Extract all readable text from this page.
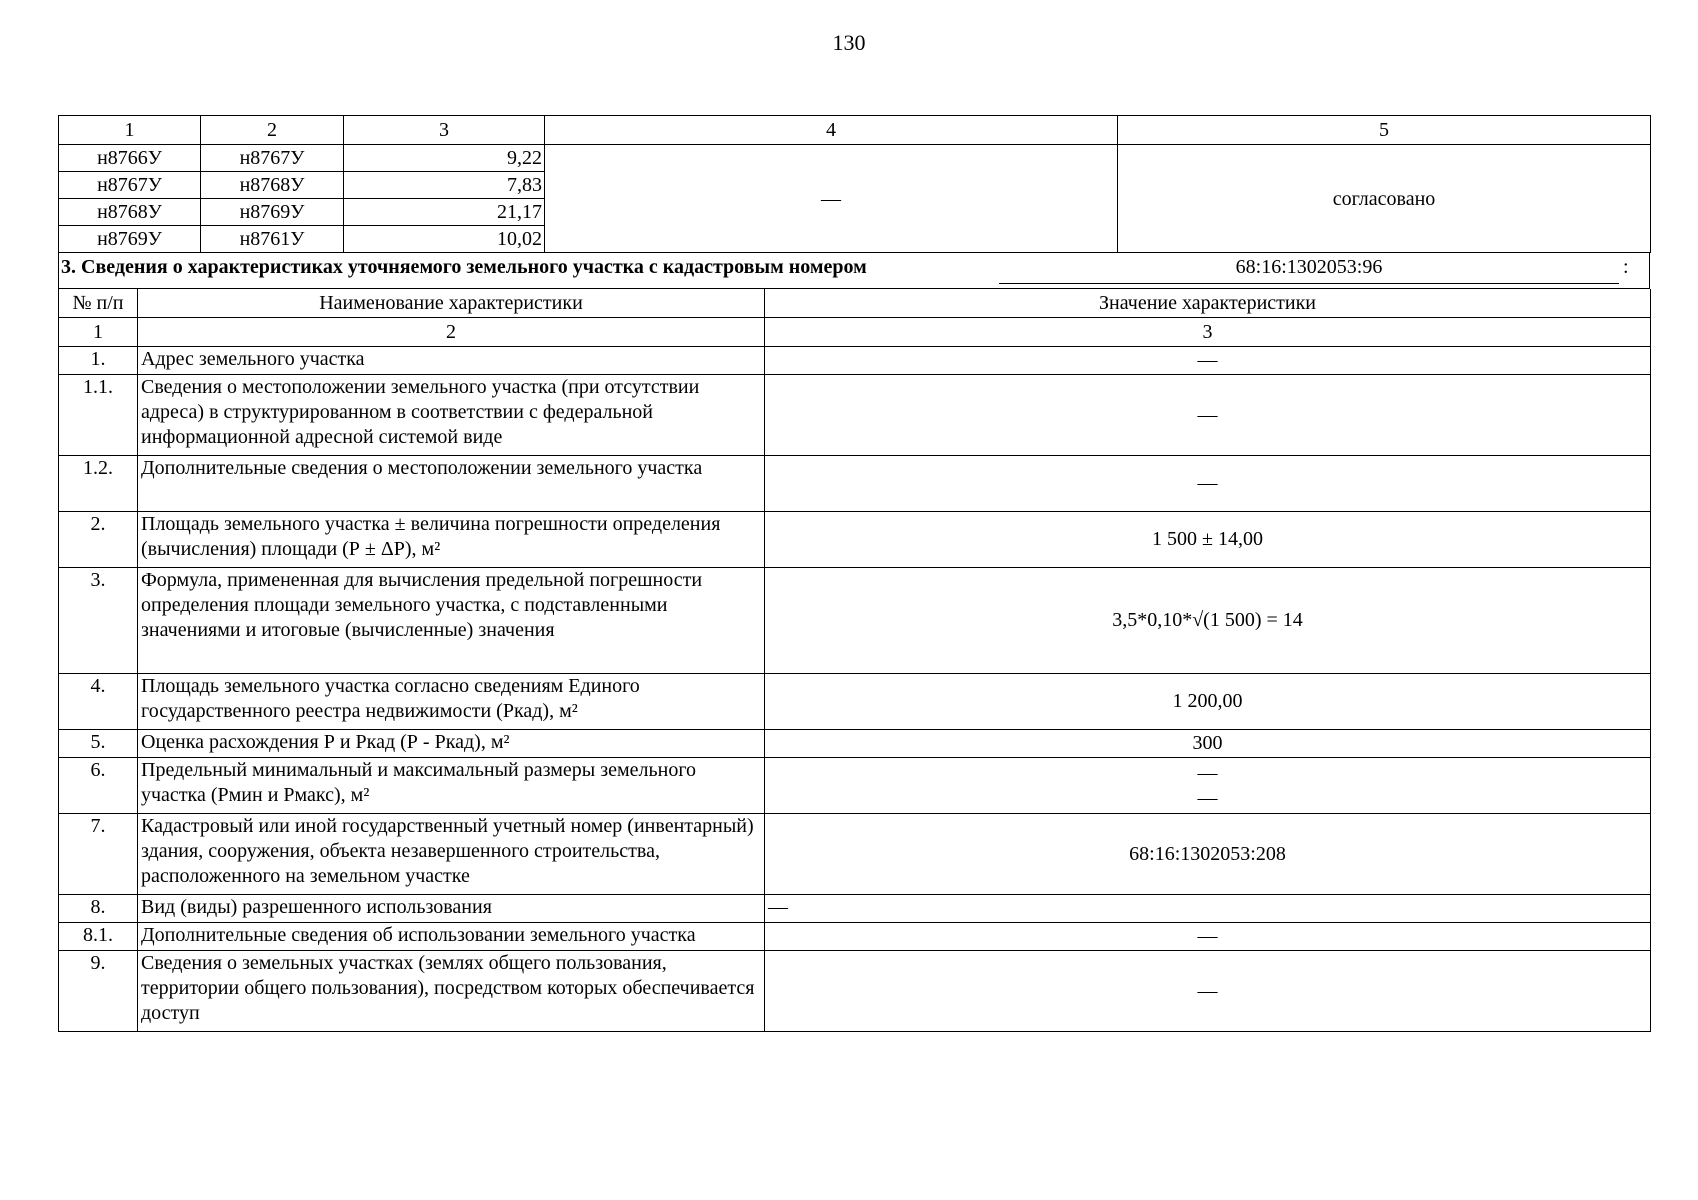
130
1	2	3	4	5
н8766У	н8767У	9,22	—	согласовано
н8767У	н8768У	7,83		
н8768У	н8769У	21,17		
н8769У	н8761У	10,02		
3. Сведения о характеристиках уточняемого земельного участка с кадастровым номером	68:16:1302053:96	:
№ п/п	Наименование характеристики	Значение характеристики
1	2	3
1.	Адрес земельного участка	—
1.1.	Сведения о местоположении земельного участка (при отсутствии адреса) в структурированном в соответствии с федеральной информационной адресной системой виде	—
1.2.	Дополнительные сведения о местоположении земельного участка	—
2.	Площадь земельного участка ± величина погрешности определения (вычисления) площади (Р ± ΔР), м²	1 500 ± 14,00
3.	Формула, примененная для вычисления предельной погрешности определения площади земельного участка, с подставленными значениями и итоговые (вычисленные) значения	3,5*0,10*√(1 500) = 14
4.	Площадь земельного участка согласно сведениям Единого государственного реестра недвижимости (Ркад), м²	1 200,00
5.	Оценка расхождения Р и Ркад (Р - Ркад), м²	300
6.	Предельный минимальный и максимальный размеры земельного участка (Рмин и Рмакс), м²	—
—

7.	Кадастровый или иной государственный учетный номер (инвентарный) здания, сооружения, объекта незавершенного строительства, расположенного на земельном участке	68:16:1302053:208
8.	Вид (виды) разрешенного использования	—
8.1.	Дополнительные сведения об использовании земельного участка	—
9.	Сведения о земельных участках (землях общего пользования, территории общего пользования), посредством которых обеспечивается доступ	—
